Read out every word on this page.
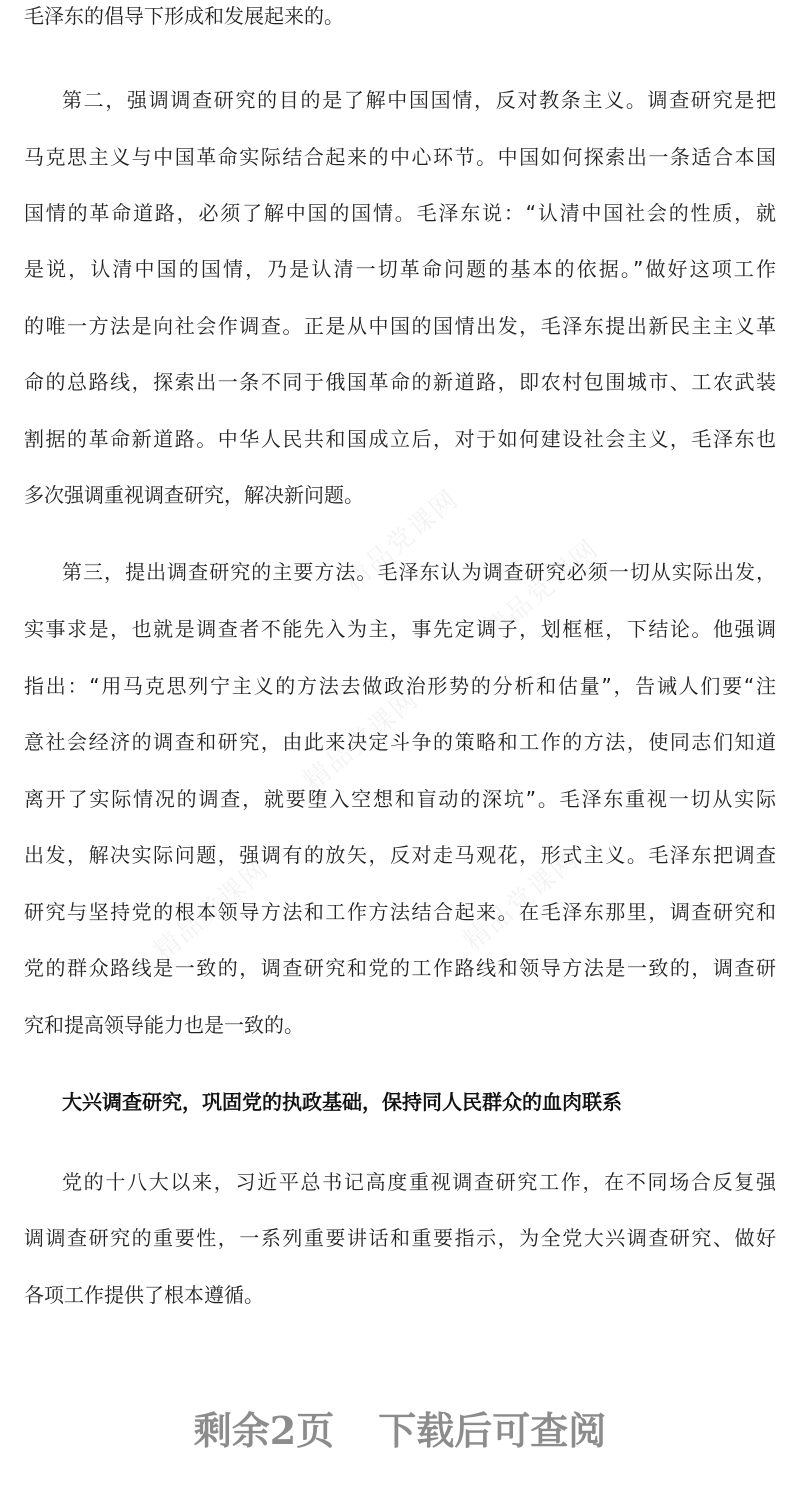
精品党课网 精品党课网
精品党课网
精品党课网	精品党课网
毛泽东的倡导下形成和发展起来的。
第二，强调调查研究的目的是了解中国国情，反对教条主义。调查研究是把
马克思主义与中国革命实际结合起来的中心环节。中国如何探索出一条适合本国
国情的革命道路，必须了解中国的国情。毛泽东说：“认清中国社会的性质，就
是说，认清中国的国情，乃是认清一切革命问题的基本的依据。”做好这项工作
的唯一方法是向社会作调查。正是从中国的国情出发，毛泽东提出新民主主义革
命的总路线，探索出一条不同于俄国革命的新道路，即农村包围城市、工农武装
割据的革命新道路。中华人民共和国成立后，对于如何建设社会主义，毛泽东也
多次强调重视调查研究，解决新问题。
第三，提出调查研究的主要方法。毛泽东认为调查研究必须一切从实际出发，
实事求是，也就是调查者不能先入为主，事先定调子，划框框，下结论。他强调
指出：“用马克思列宁主义的方法去做政治形势的分析和估量”，告诫人们要“注
意社会经济的调查和研究，由此来决定斗争的策略和工作的方法，使同志们知道
离开了实际情况的调查，就要堕入空想和盲动的深坑”。毛泽东重视一切从实际
出发，解决实际问题，强调有的放矢，反对走马观花，形式主义。毛泽东把调查
研究与坚持党的根本领导方法和工作方法结合起来。在毛泽东那里，调查研究和
党的群众路线是一致的，调查研究和党的工作路线和领导方法是一致的，调查研
究和提高领导能力也是一致的。
大兴调查研究，巩固党的执政基础，保持同人民群众的血肉联系
党的十八大以来，习近平总书记高度重视调查研究工作，在不同场合反复强
调调查研究的重要性，一系列重要讲话和重要指示，为全党大兴调查研究、做好
各项工作提供了根本遵循。
剩余2页 下载后可查阅
